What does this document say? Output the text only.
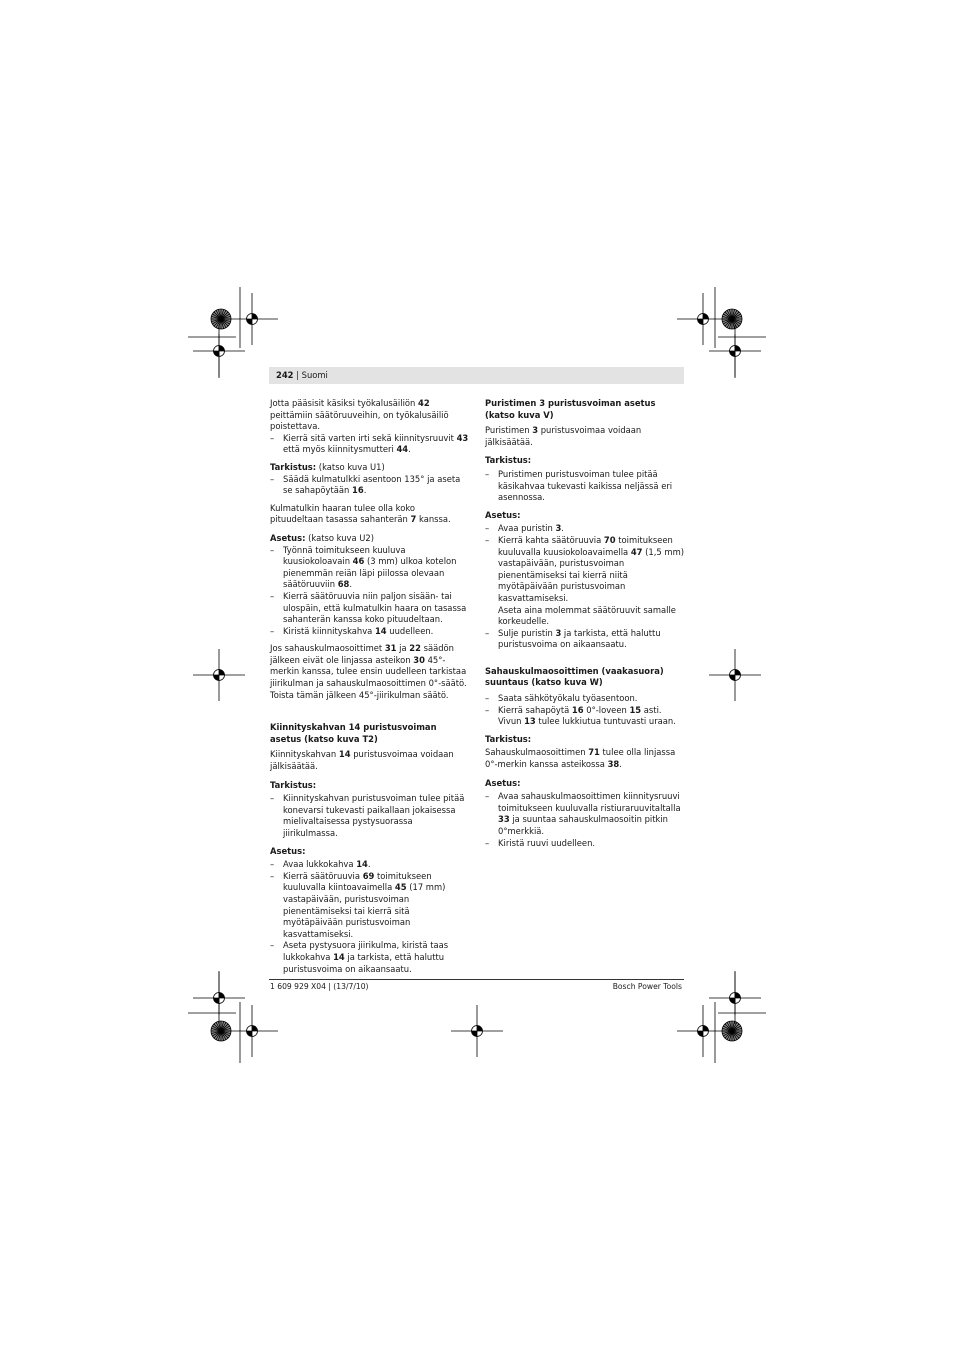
242 | Suomi
Jotta pääsisit käsiksi työkalusäiliön 42 peittämiin säätöruuveihin, on työkalusäiliö poistettava.
– Kierrä sitä varten irti sekä kiinnitysruuvit 43 että myös kiinnitysmutteri 44.
Tarkistus: (katso kuva U1)
– Säädä kulmatulkki asentoon 135° ja aseta se sahapöytään 16.
Kulmatulkin haaran tulee olla koko pituudeltaan tasassa sahanterän 7 kanssa.
Asetus: (katso kuva U2)
– Työnnä toimitukseen kuuluva kuusiokoloavain 46 (3 mm) ulkoa kotelon pienemmän reiän läpi piilossa olevaan säätöruuviin 68.
– Kierrä säätöruuvia niin paljon sisään- tai ulospäin, että kulmatulkin haara on tasassa sahanterän kanssa koko pituudeltaan.
– Kiristä kiinnityskahva 14 uudelleen.
Jos sahauskulmaosoittimet 31 ja 22 säädön jälkeen eivät ole linjassa asteikon 30 45°-merkin kanssa, tulee ensin uudelleen tarkistaa jiirikulman ja sahauskulmaosoittimen 0°-säätö. Toista tämän jälkeen 45°-jiirikulman säätö.
Kiinnityskahvan 14 puristusvoiman asetus (katso kuva T2)
Kiinnityskahvan 14 puristusvoimaa voidaan jälkisäätää.
Tarkistus:
– Kiinnityskahvan puristusvoiman tulee pitää konevarsi tukevasti paikallaan jokaisessa mielivaltaisessa pystysuorassa jiirikulmassa.
Asetus:
– Avaa lukkokahva 14.
– Kierrä säätöruuvia 69 toimitukseen kuuluvalla kiintoavaimella 45 (17 mm) vastapäivään, puristusvoiman pienentämiseksi tai kierrä sitä myötäpäivään puristusvoiman kasvattamiseksi.
– Aseta pystysuora jiirikulma, kiristä taas lukkokahva 14 ja tarkista, että haluttu puristusvoima on aikaansaatu.
Puristimen 3 puristusvoiman asetus (katso kuva V)
Puristimen 3 puristusvoimaa voidaan jälkisäätää.
Tarkistus:
– Puristimen puristusvoiman tulee pitää käsikahvaa tukevasti kaikissa neljässä eri asennossa.
Asetus:
– Avaa puristin 3.
– Kierrä kahta säätöruuvia 70 toimitukseen kuuluvalla kuusiokoloavaimella 47 (1,5 mm) vastapäivään, puristusvoiman pienentämiseksi tai kierrä niitä myötäpäivään puristusvoiman kasvattamiseksi.
Aseta aina molemmat säätöruuvit samalle korkeudelle.
– Sulje puristin 3 ja tarkista, että haluttu puristusvoima on aikaansaatu.
Sahauskulmaosoittimen (vaakasuora) suuntaus (katso kuva W)
– Saata sähkötyökalu työasentoon.
– Kierrä sahapöytä 16 0°-loveen 15 asti. Vivun 13 tulee lukkiutua tuntuvasti uraan.
Tarkistus:
Sahauskulmaosoittimen 71 tulee olla linjassa 0°-merkin kanssa asteikossa 38.
Asetus:
– Avaa sahauskulmaosoittimen kiinnitysruuvi toimitukseen kuuluvalla ristiuraruuvitaltalla 33 ja suuntaa sahauskulmaosoitin pitkin 0°merkkiä.
– Kiristä ruuvi uudelleen.
1 609 929 X04 | (13/7/10)	Bosch Power Tools
